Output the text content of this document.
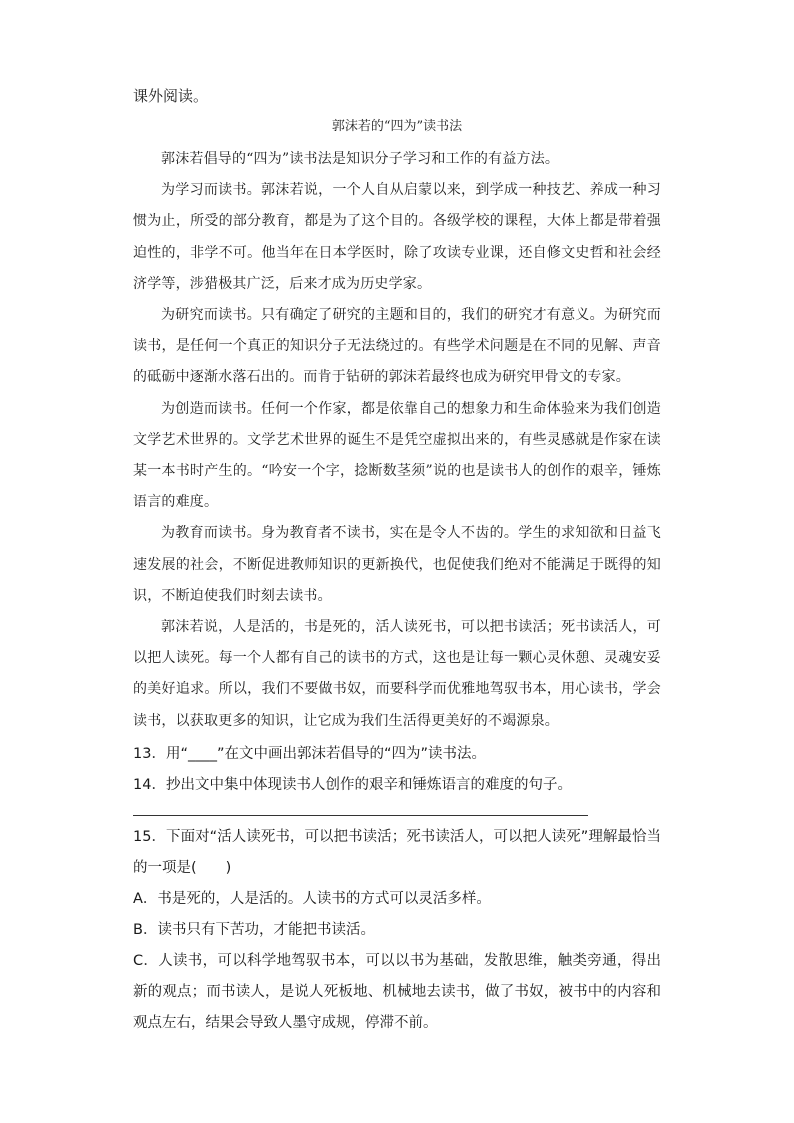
课外阅读。

郭沫若的“四为”读书法

郭沫若倡导的“四为”读书法是知识分子学习和工作的有益方法。

为学习而读书。郭沫若说，一个人自从启蒙以来，到学成一种技艺、养成一种习惯为止，所受的部分教育，都是为了这个目的。各级学校的课程，大体上都是带着强迫性的，非学不可。他当年在日本学医时，除了攻读专业课，还自修文史哲和社会经济学等，涉猎极其广泛，后来才成为历史学家。

为研究而读书。只有确定了研究的主题和目的，我们的研究才有意义。为研究而读书，是任何一个真正的知识分子无法绕过的。有些学术问题是在不同的见解、声音的砥砺中逐渐水落石出的。而肯于钻研的郭沫若最终也成为研究甲骨文的专家。

为创造而读书。任何一个作家，都是依靠自己的想象力和生命体验来为我们创造文学艺术世界的。文学艺术世界的诞生不是凭空虚拟出来的，有些灵感就是作家在读某一本书时产生的。“吟安一个字，捻断数茎须”说的也是读书人的创作的艰辛，锤炼语言的难度。

为教育而读书。身为教育者不读书，实在是令人不齿的。学生的求知欲和日益飞速发展的社会，不断促进教师知识的更新换代，也促使我们绝对不能满足于既得的知识，不断迫使我们时刻去读书。

郭沫若说，人是活的，书是死的，活人读死书，可以把书读活；死书读活人，可以把人读死。每一个人都有自己的读书的方式，这也是让每一颗心灵休憩、灵魂安妥的美好追求。所以，我们不要做书奴，而要科学而优雅地驾驭书本，用心读书，学会读书，以获取更多的知识，让它成为我们生活得更美好的不竭源泉。

13．用“____”在文中画出郭沫若倡导的“四为”读书法。

14．抄出文中集中体现读书人创作的艰辛和锤炼语言的难度的句子。

15．下面对“活人读死书，可以把书读活；死书读活人，可以把人读死”理解最恰当的一项是(　　)

A．书是死的，人是活的。人读书的方式可以灵活多样。

B．读书只有下苦功，才能把书读活。

C．人读书，可以科学地驾驭书本，可以以书为基础，发散思维，触类旁通，得出新的观点；而书读人，是说人死板地、机械地去读书，做了书奴，被书中的内容和观点左右，结果会导致人墨守成规，停滞不前。
